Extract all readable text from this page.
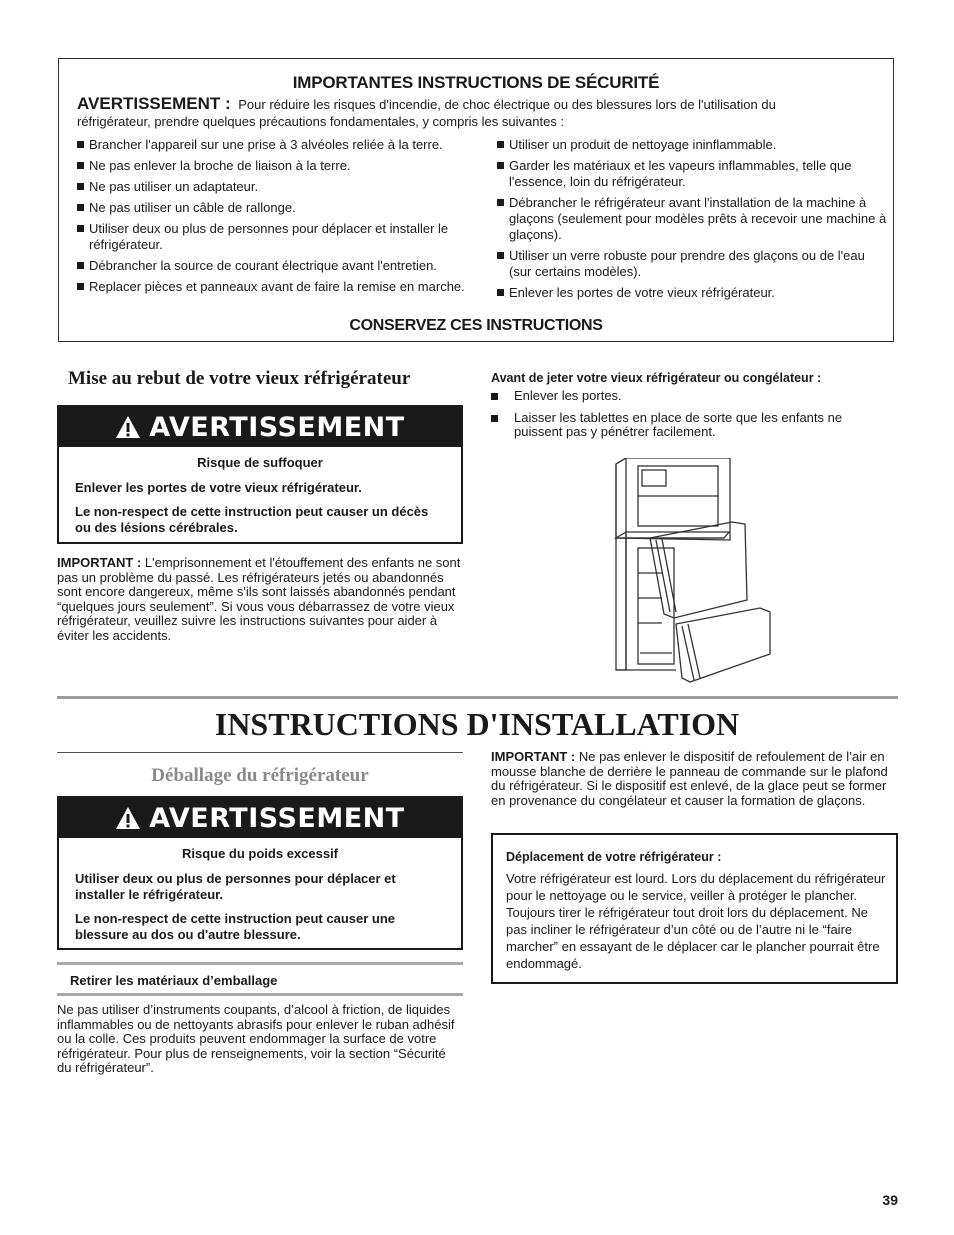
IMPORTANTES INSTRUCTIONS DE SÉCURITÉ
AVERTISSEMENT : Pour réduire les risques d'incendie, de choc électrique ou des blessures lors de l'utilisation du réfrigérateur, prendre quelques précautions fondamentales, y compris les suivantes :
Brancher l'appareil sur une prise à 3 alvéoles reliée à la terre.
Ne pas enlever la broche de liaison à la terre.
Ne pas utiliser un adaptateur.
Ne pas utiliser un câble de rallonge.
Utiliser deux ou plus de personnes pour déplacer et installer le réfrigérateur.
Débrancher la source de courant électrique avant l'entretien.
Replacer pièces et panneaux avant de faire la remise en marche.
Utiliser un produit de nettoyage ininflammable.
Garder les matériaux et les vapeurs inflammables, telle que l'essence, loin du réfrigérateur.
Débrancher le réfrigérateur avant l'installation de la machine à glaçons (seulement pour modèles prêts à recevoir une machine à glaçons).
Utiliser un verre robuste pour prendre des glaçons ou de l'eau (sur certains modèles).
Enlever les portes de votre vieux réfrigérateur.
CONSERVEZ CES INSTRUCTIONS
Mise au rebut de votre vieux réfrigérateur
AVERTISSEMENT
Risque de suffoquer

Enlever les portes de votre vieux réfrigérateur.

Le non-respect de cette instruction peut causer un décès ou des lésions cérébrales.

IMPORTANT : L'emprisonnement et l'étouffement des enfants ne sont pas un problème du passé. Les réfrigérateurs jetés ou abandonnés sont encore dangereux, même s'ils sont laissés abandonnés pendant “quelques jours seulement”. Si vous vous débarrassez de votre vieux réfrigérateur, veuillez suivre les instructions suivantes pour aider à éviter les accidents.
Avant de jeter votre vieux réfrigérateur ou congélateur :
Enlever les portes.
Laisser les tablettes en place de sorte que les enfants ne puissent pas y pénétrer facilement.
INSTRUCTIONS D'INSTALLATION
Déballage du réfrigérateur
AVERTISSEMENT
Risque du poids excessif

Utiliser deux ou plus de personnes pour déplacer et installer le réfrigérateur.

Le non-respect de cette instruction peut causer une blessure au dos ou d'autre blessure.

Retirer les matériaux d’emballage
Ne pas utiliser d’instruments coupants, d’alcool à friction, de liquides inflammables ou de nettoyants abrasifs pour enlever le ruban adhésif ou la colle. Ces produits peuvent endommager la surface de votre réfrigérateur. Pour plus de renseignements, voir la section “Sécurité du réfrigérateur”.
IMPORTANT : Ne pas enlever le dispositif de refoulement de l’air en mousse blanche de derrière le panneau de commande sur le plafond du réfrigérateur. Si le dispositif est enlevé, de la glace peut se former en provenance du congélateur et causer la formation de glaçons.
Déplacement de votre réfrigérateur :
Votre réfrigérateur est lourd. Lors du déplacement du réfrigérateur pour le nettoyage ou le service, veiller à protéger le plancher. Toujours tirer le réfrigérateur tout droit lors du déplacement. Ne pas incliner le réfrigérateur d’un côté ou de l’autre ni le “faire marcher” en essayant de le déplacer car le plancher pourrait être endommagé.
39
